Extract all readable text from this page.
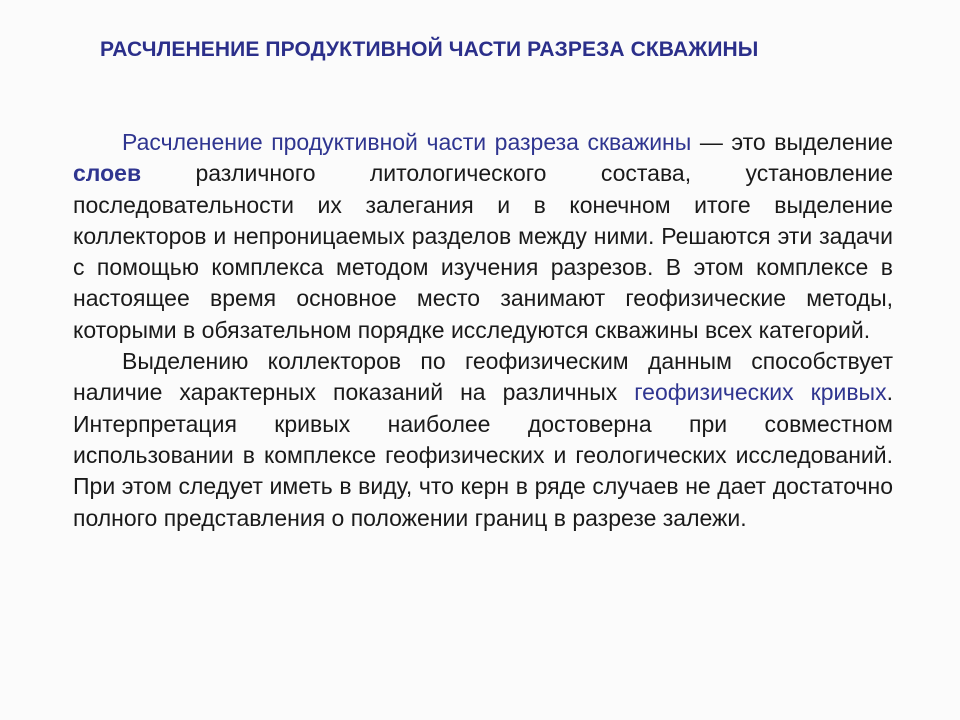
РАСЧЛЕНЕНИЕ ПРОДУКТИВНОЙ ЧАСТИ РАЗРЕЗА СКВАЖИНЫ

Расчленение продуктивной части разреза скважины — это выделение слоев различного литологического состава, установление последовательности их залегания и в конечном итоге выделение коллекторов и непроницаемых разделов между ними. Решаются эти задачи с помощью комплекса методом изучения разрезов. В этом комплексе в настоящее время основное место занимают геофизические методы, которыми в обязательном порядке исследуются скважины всех категорий.

Выделению коллекторов по геофизическим данным способствует наличие характерных показаний на различных геофизических кривых. Интерпретация кривых наиболее достоверна при совместном использовании в комплексе геофизических и геологических исследований. При этом следует иметь в виду, что керн в ряде случаев не дает достаточно полного представления о положении границ в разрезе залежи.
